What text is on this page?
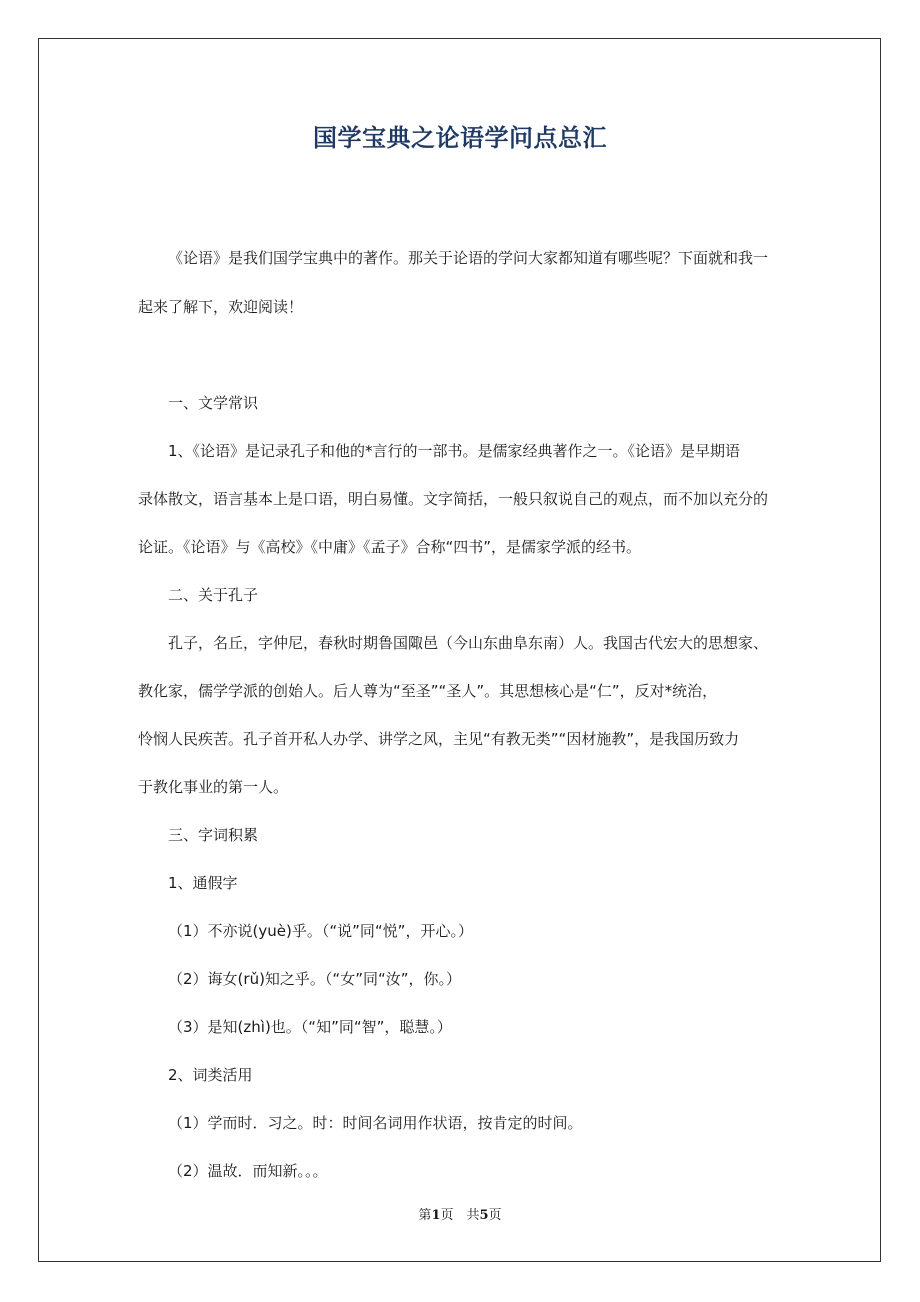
国学宝典之论语学问点总汇
《论语》是我们国学宝典中的著作。那关于论语的学问大家都知道有哪些呢？下面就和我一
起来了解下，欢迎阅读！
一、文学常识
1、《论语》是记录孔子和他的*言行的一部书。是儒家经典著作之一。《论语》是早期语
录体散文，语言基本上是口语，明白易懂。文字简括，一般只叙说自己的观点，而不加以充分的
论证。《论语》与《高校》《中庸》《孟子》合称“四书”，是儒家学派的经书。
二、关于孔子
孔子，名丘，字仲尼，春秋时期鲁国陬邑（今山东曲阜东南）人。我国古代宏大的思想家、
教化家，儒学学派的创始人。后人尊为“至圣”“圣人”。其思想核心是“仁”，反对*统治，
怜悯人民疾苦。孔子首开私人办学、讲学之风，主见“有教无类”“因材施教”，是我国历致力
于教化事业的第一人。
三、字词积累
1、通假字
（1）不亦说(yuè)乎。（“说”同“悦”，开心。）
（2）诲女(rǔ)知之乎。（“女”同“汝”，你。）
（3）是知(zhì)也。（“知”同“智”，聪慧。）
2、词类活用
（1）学而时．习之。时：时间名词用作状语，按肯定的时间。
（2）温故．而知新。。。
第1页　共5页
